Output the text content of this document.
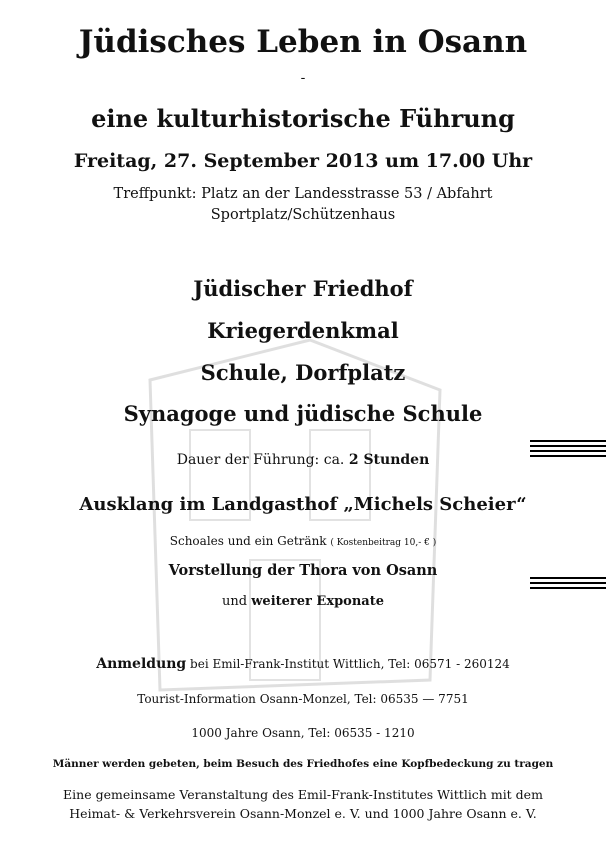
Jüdisches Leben in Osann
-
eine kulturhistorische Führung
Freitag, 27. September 2013 um 17.00 Uhr
Treffpunkt: Platz an der Landesstrasse 53 / Abfahrt
Sportplatz/Schützenhaus
Jüdischer Friedhof
Kriegerdenkmal
Schule, Dorfplatz
Synagoge und jüdische Schule
Dauer der Führung: ca. 2 Stunden
Ausklang im Landgasthof „Michels Scheier“
Schoales und ein Getränk ( Kostenbeitrag 10,- € )
Vorstellung der Thora von Osann
und weiterer Exponate
Anmeldung bei Emil-Frank-Institut Wittlich, Tel: 06571 - 260124
Tourist-Information Osann-Monzel, Tel: 06535 — 7751
1000 Jahre Osann, Tel: 06535 - 1210
Männer werden gebeten, beim Besuch des Friedhofes eine Kopfbedeckung zu tragen
Eine gemeinsame Veranstaltung des Emil-Frank-Institutes Wittlich mit dem
Heimat- & Verkehrsverein Osann-Monzel e. V. und 1000 Jahre Osann e. V.
